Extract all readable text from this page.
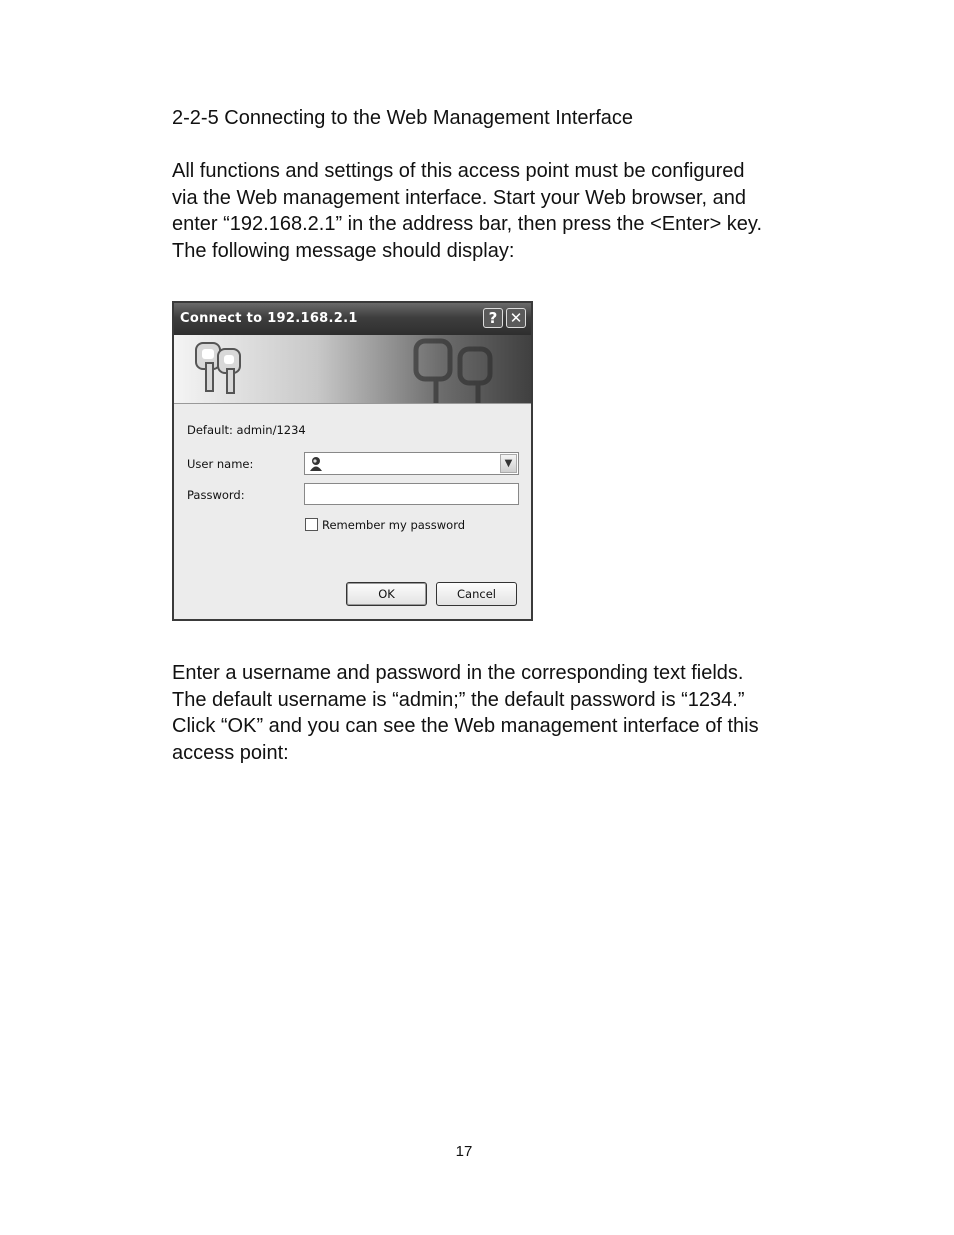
2-2-5 Connecting to the Web Management Interface
All functions and settings of this access point must be configured
via the Web management interface. Start your Web browser, and
enter “192.168.2.1” in the address bar, then press the <Enter> key.
The following message should display:
Connect to 192.168.2.1	? ✕
Default: admin/1234
User name:	▼
Password:
Remember my password
OK	Cancel
Enter a username and password in the corresponding text fields.
The default username is “admin;” the default password is “1234.”
Click “OK” and you can see the Web management interface of this
access point:
17
